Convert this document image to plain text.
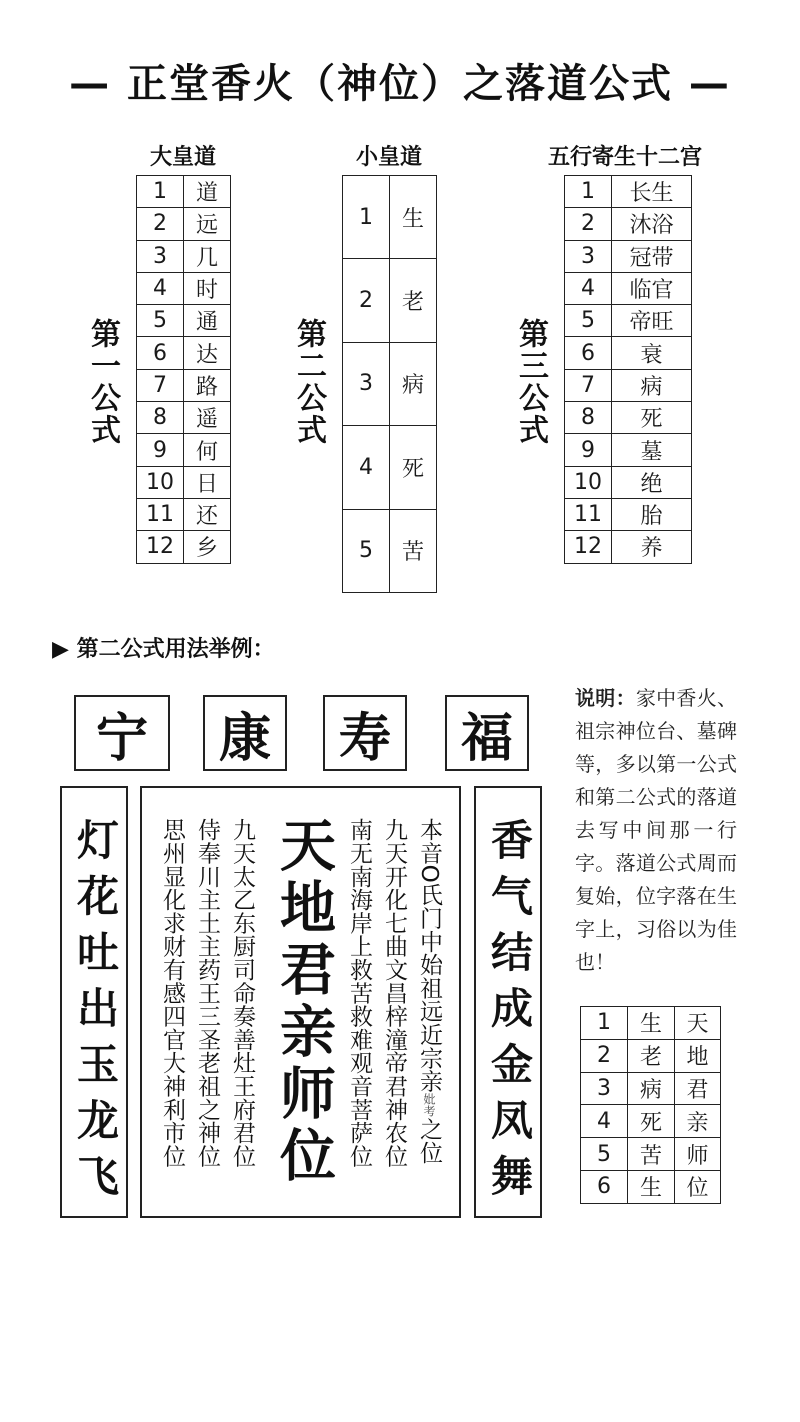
— 正堂香火（神位）之落道公式 —
大皇道
第一公式
1	道
2	远
3	几
4	时
5	通
6	达
7	路
8	遥
9	何
10	日
11	还
12	乡
小皇道
第二公式
1	生
2	老
3	病
4	死
5	苦
五行寄生十二宫
第三公式
1	长生
2	沐浴
3	冠带
4	临官
5	帝旺
6	衰
7	病
8	死
9	墓
10	绝
11	胎
12	养
▶ 第二公式用法举例：
宁	康	寿	福
灯花吐出玉龙飞	本音O氏门中始祖远近宗亲妣考之位
九天开化七曲文昌梓潼帝君神农位
南无南海岸上救苦救难观音菩萨位
天地君亲师位
九天太乙东厨司命奏善灶王府君位
侍奉川主土主药王三圣老祖之神位
思州显化求财有感四官大神利市位	香气结成金凤舞
说明：家中香火、祖宗神位台、墓碑等，多以第一公式和第二公式的落道去写中间那一行字。落道公式周而复始，位字落在生字上，习俗以为佳也！
1	生	天
2	老	地
3	病	君
4	死	亲
5	苦	师
6	生	位
